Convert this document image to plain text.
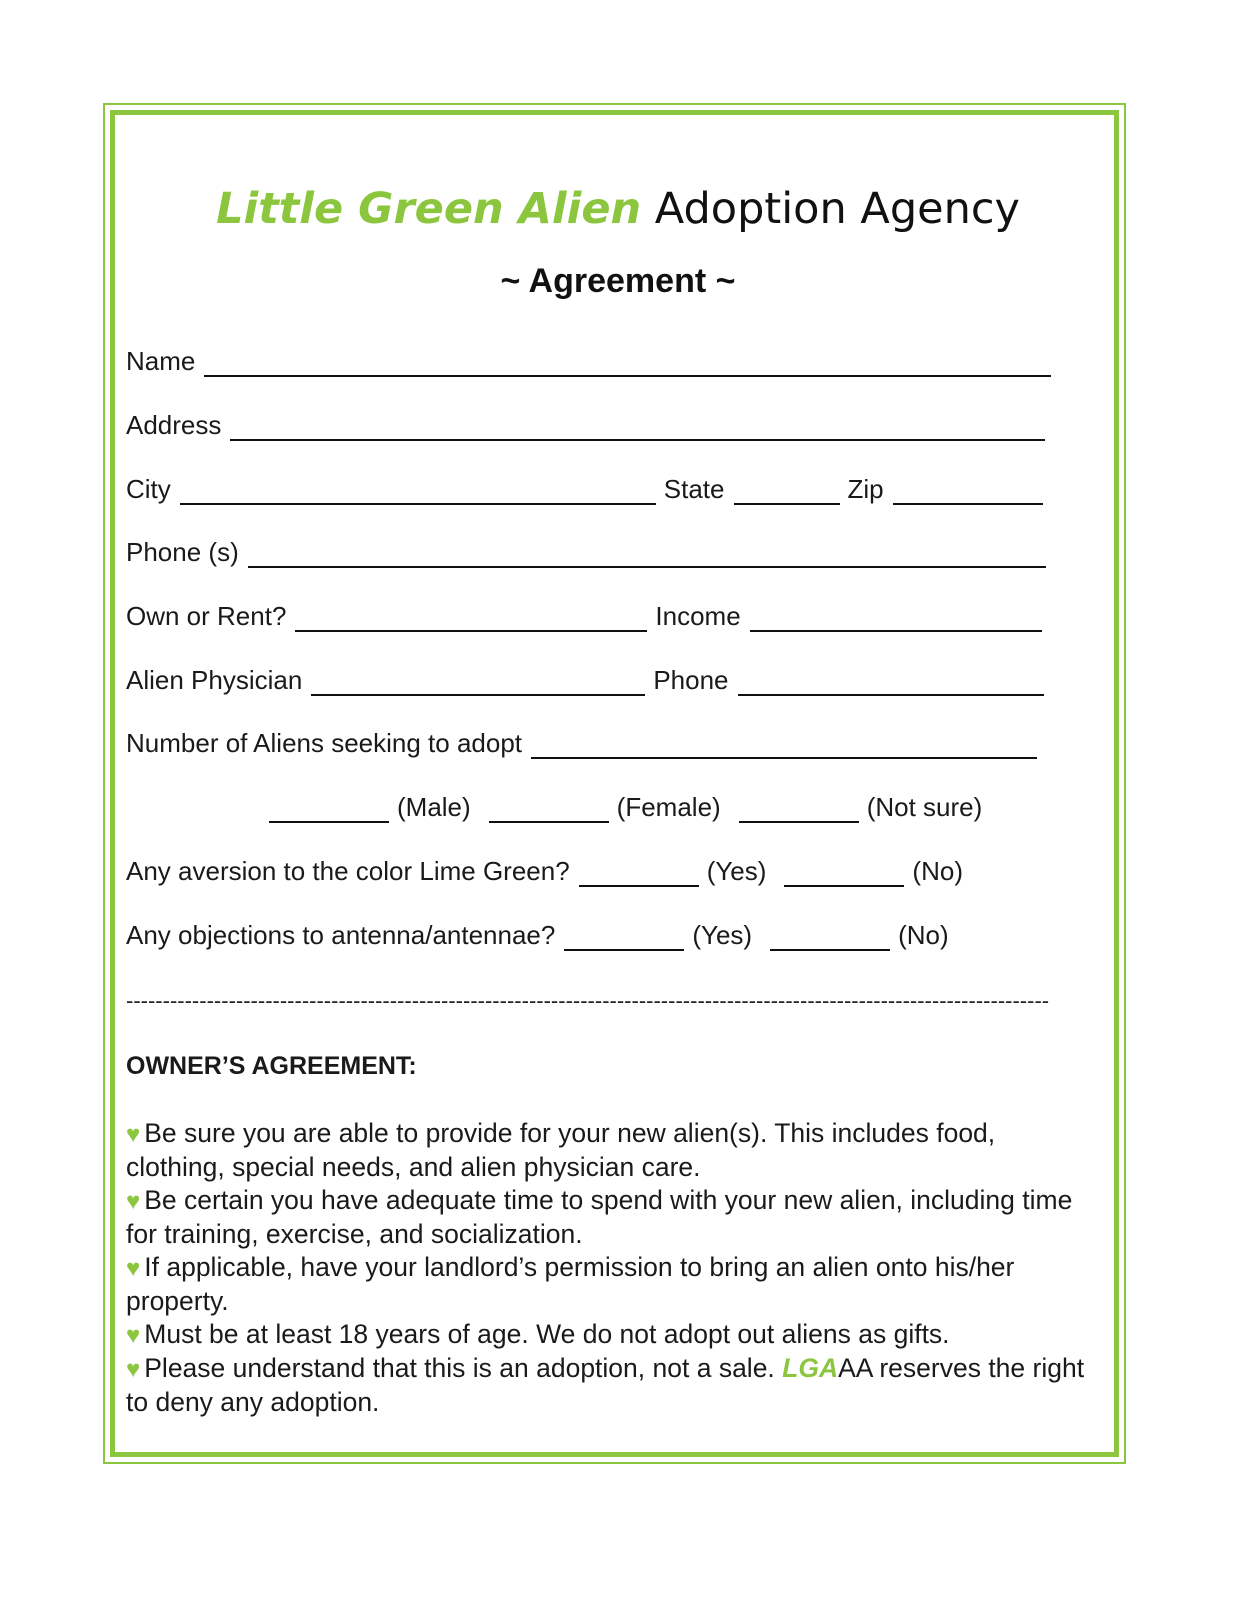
Little Green Alien Adoption Agency
~ Agreement ~
Name
Address
City	State	Zip
Phone (s)
Own or Rent?	Income
Alien Physician	Phone
Number of Aliens seeking to adopt
(Male)	(Female)	(Not sure)
Any aversion to the color Lime Green?	(Yes)	(No)
Any objections to antenna/antennae?	(Yes)	(No)
------------------------------------------------------------------------------------------------------------------------------
OWNER’S AGREEMENT:

♥ Be sure you are able to provide for your new alien(s). This includes food, clothing, special needs, and alien physician care.

♥ Be certain you have adequate time to spend with your new alien, including time for training, exercise, and socialization.

♥ If applicable, have your landlord’s permission to bring an alien onto his/her property.

♥ Must be at least 18 years of age. We do not adopt out aliens as gifts.

♥ Please understand that this is an adoption, not a sale. LGAAA reserves the right to deny any adoption.
